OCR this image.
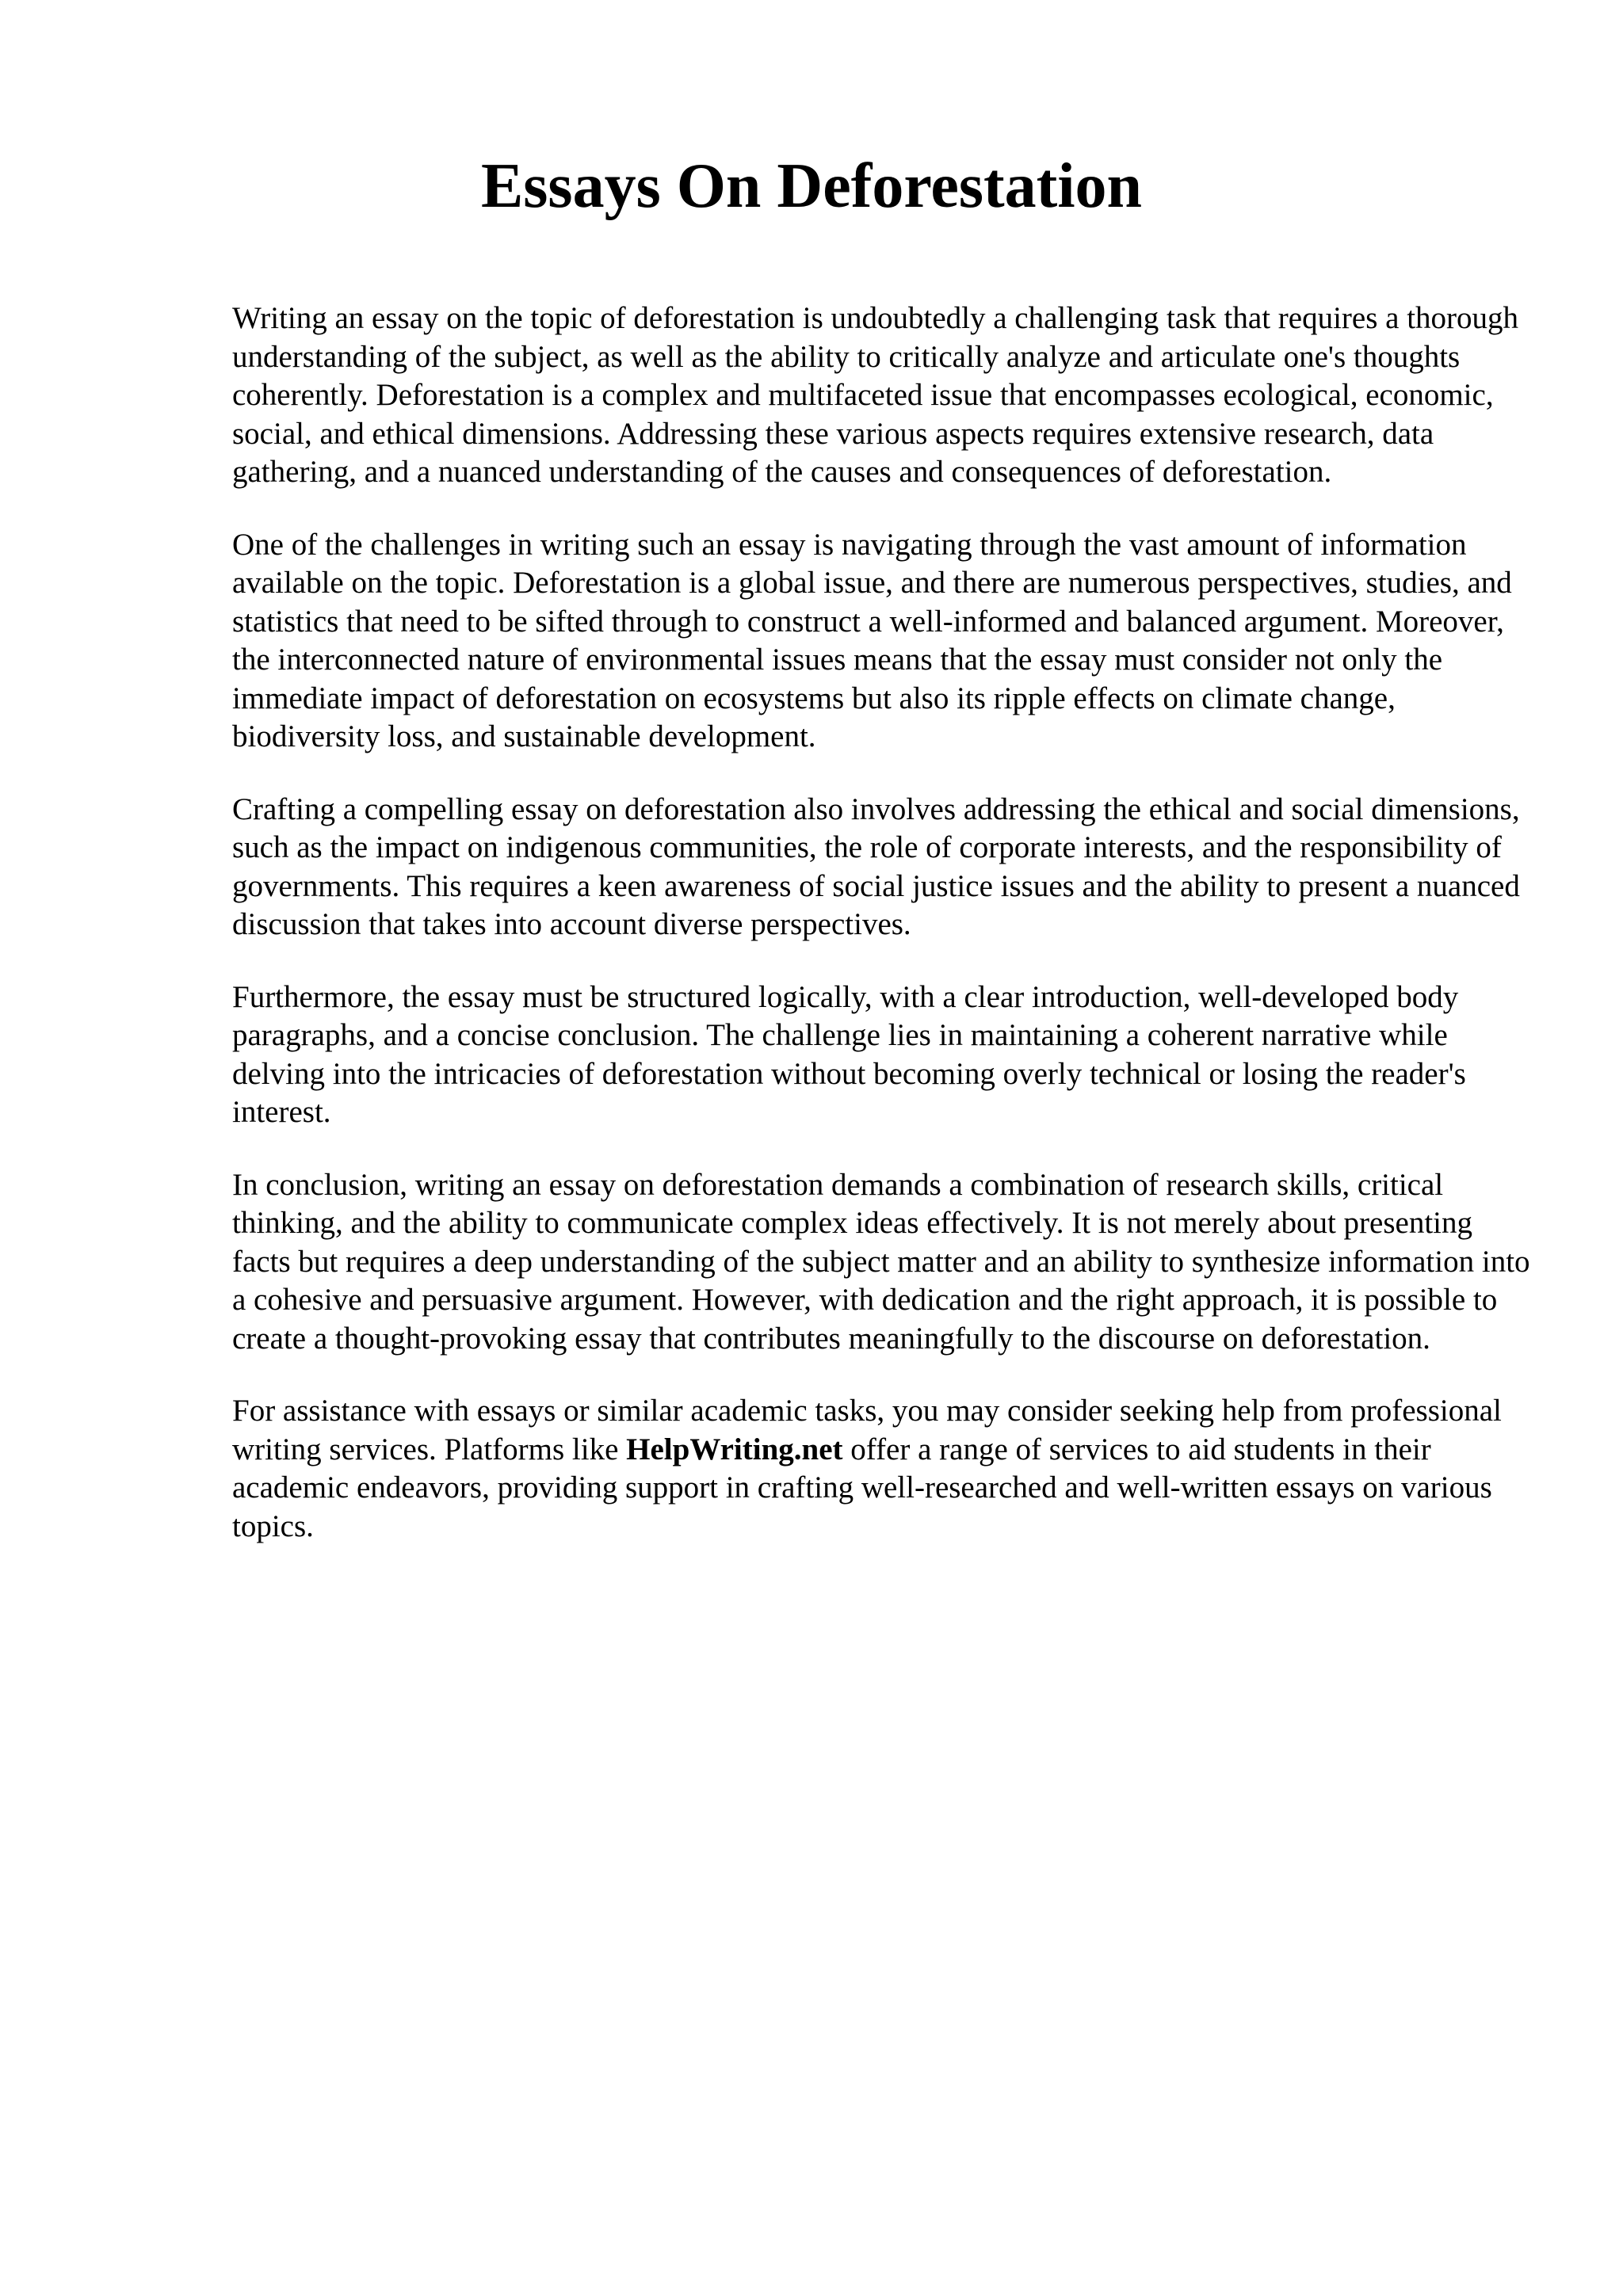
Essays On Deforestation

Writing an essay on the topic of deforestation is undoubtedly a challenging task that requires a thorough understanding of the subject, as well as the ability to critically analyze and articulate one's thoughts coherently. Deforestation is a complex and multifaceted issue that encompasses ecological, economic, social, and ethical dimensions. Addressing these various aspects requires extensive research, data gathering, and a nuanced understanding of the causes and consequences of deforestation.

One of the challenges in writing such an essay is navigating through the vast amount of information available on the topic. Deforestation is a global issue, and there are numerous perspectives, studies, and statistics that need to be sifted through to construct a well-informed and balanced argument. Moreover, the interconnected nature of environmental issues means that the essay must consider not only the immediate impact of deforestation on ecosystems but also its ripple effects on climate change, biodiversity loss, and sustainable development.

Crafting a compelling essay on deforestation also involves addressing the ethical and social dimensions, such as the impact on indigenous communities, the role of corporate interests, and the responsibility of governments. This requires a keen awareness of social justice issues and the ability to present a nuanced discussion that takes into account diverse perspectives.

Furthermore, the essay must be structured logically, with a clear introduction, well-developed body paragraphs, and a concise conclusion. The challenge lies in maintaining a coherent narrative while delving into the intricacies of deforestation without becoming overly technical or losing the reader's interest.

In conclusion, writing an essay on deforestation demands a combination of research skills, critical thinking, and the ability to communicate complex ideas effectively. It is not merely about presenting facts but requires a deep understanding of the subject matter and an ability to synthesize information into a cohesive and persuasive argument. However, with dedication and the right approach, it is possible to create a thought-provoking essay that contributes meaningfully to the discourse on deforestation.

For assistance with essays or similar academic tasks, you may consider seeking help from professional writing services. Platforms like HelpWriting.net offer a range of services to aid students in their academic endeavors, providing support in crafting well-researched and well-written essays on various topics.
